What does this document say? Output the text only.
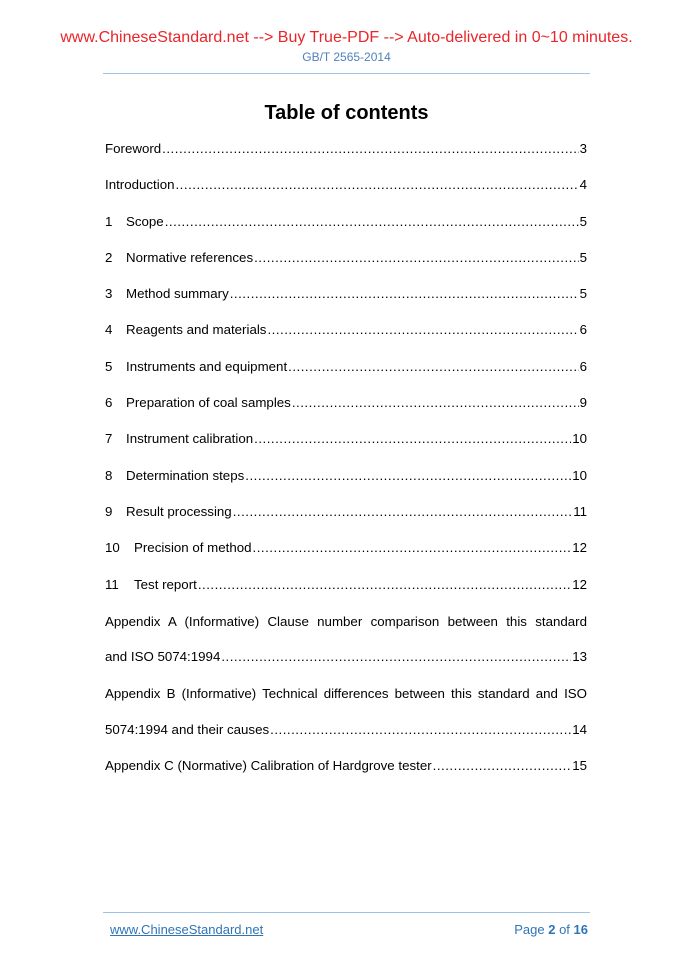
www.ChineseStandard.net --> Buy True-PDF --> Auto-delivered in 0~10 minutes.
GB/T 2565-2014
Table of contents
Foreword .....	3
Introduction .....	4
1	Scope .....	5
2	Normative references .....	5
3	Method summary .....	5
4	Reagents and materials .....	6
5	Instruments and equipment .....	6
6	Preparation of coal samples .....	9
7	Instrument calibration .....	10
8	Determination steps .....	10
9	Result processing .....	11
10	Precision of method .....	12
11	Test report .....	12
Appendix A (Informative) Clause number comparison between this standard
and ISO 5074:1994 .....	13
Appendix B (Informative) Technical differences between this standard and ISO
5074:1994 and their causes .....	14
Appendix C (Normative) Calibration of Hardgrove tester .....	15
www.ChineseStandard.net	Page 2 of 16
